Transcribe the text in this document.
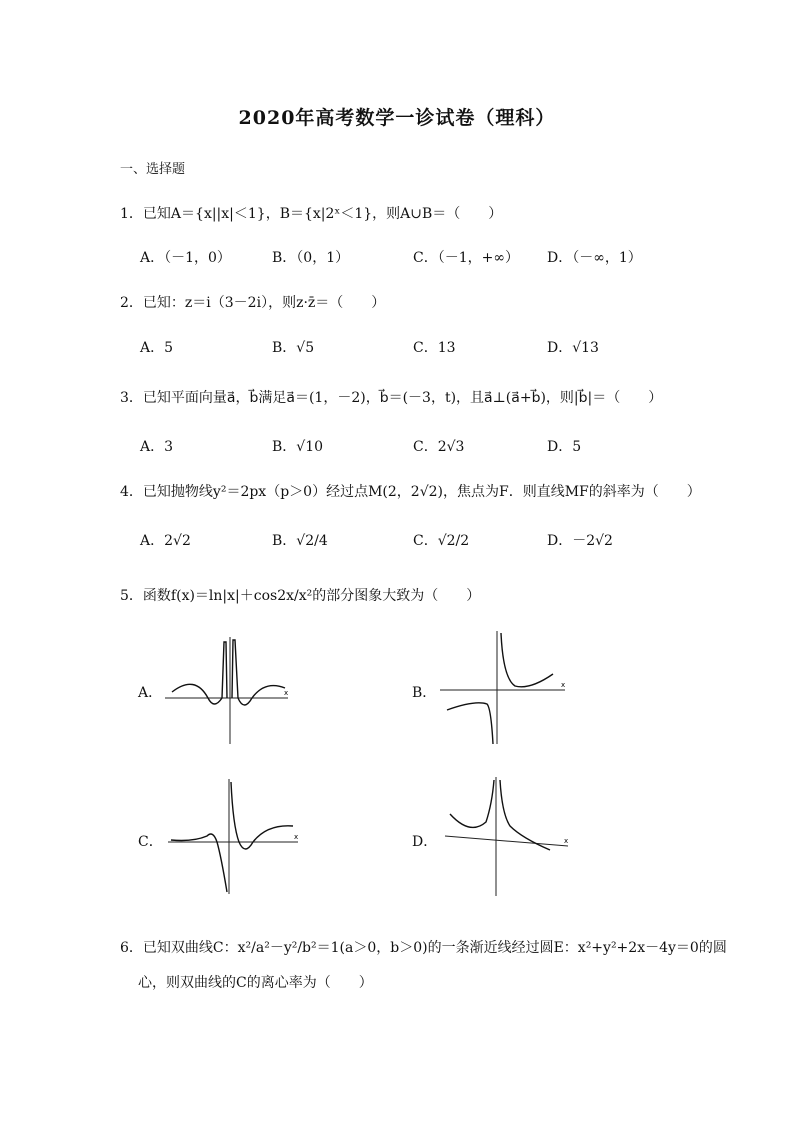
2020年高考数学一诊试卷（理科）
一、选择题
1．已知A＝{x||x|＜1}，B＝{x|2ˣ＜1}，则A∪B＝（　　）
A．（－1，0）	B．（0，1）	C．（－1，+∞） D．（－∞，1）
2．已知：z＝i（3－2i），则z·z̄＝（　　）
A．5	B．√5	C．13	D．√13
3．已知平面向量a⃗，b⃗满足a⃗＝(1，－2)，b⃗＝(－3，t)，且a⃗⊥(a⃗+b⃗)，则|b⃗|＝（　　）
A．3	B．√10	C．2√3	D．5
4．已知抛物线y²＝2px（p＞0）经过点M(2，2√2)，焦点为F．则直线MF的斜率为（　　）
A．2√2	B．√2/4	C．√2/2	D．－2√2
5．函数f(x)＝ln|x|＋cos2x/x²的部分图象大致为（　　）
A．	x	B．	x
C．	x	D．	x
6．已知双曲线C：x²/a²－y²/b²＝1(a＞0，b＞0)的一条渐近线经过圆E：x²+y²+2x－4y＝0的圆
心，则双曲线的C的离心率为（　　）
